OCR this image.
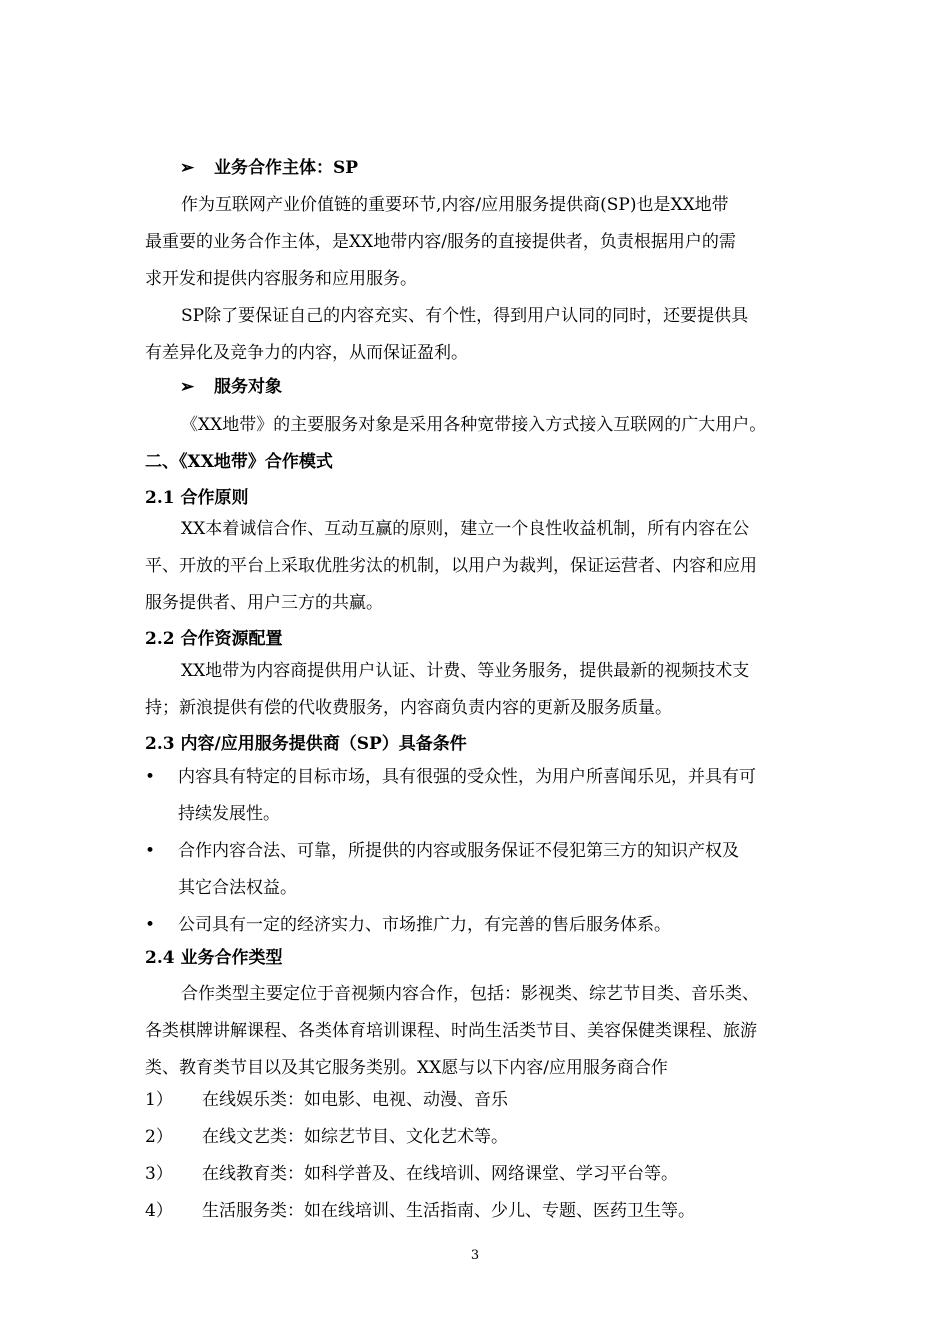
➢ 业务合作主体：SP
作为互联网产业价值链的重要环节,内容/应用服务提供商(SP)也是XX地带
最重要的业务合作主体，是XX地带内容/服务的直接提供者，负责根据用户的需
求开发和提供内容服务和应用服务。
SP除了要保证自己的内容充实、有个性，得到用户认同的同时，还要提供具
有差异化及竞争力的内容，从而保证盈利。
➢ 服务对象
《XX地带》的主要服务对象是采用各种宽带接入方式接入互联网的广大用户。
二、《XX地带》合作模式
2.1 合作原则
XX本着诚信合作、互动互赢的原则，建立一个良性收益机制，所有内容在公
平、开放的平台上采取优胜劣汰的机制，以用户为裁判，保证运营者、内容和应用
服务提供者、用户三方的共赢。
2.2 合作资源配置
XX地带为内容商提供用户认证、计费、等业务服务，提供最新的视频技术支
持；新浪提供有偿的代收费服务，内容商负责内容的更新及服务质量。
2.3 内容/应用服务提供商（SP）具备条件
• 内容具有特定的目标市场，具有很强的受众性，为用户所喜闻乐见，并具有可
持续发展性。
• 合作内容合法、可靠，所提供的内容或服务保证不侵犯第三方的知识产权及
其它合法权益。
• 公司具有一定的经济实力、市场推广力，有完善的售后服务体系。
2.4 业务合作类型
合作类型主要定位于音视频内容合作，包括：影视类、综艺节目类、音乐类、
各类棋牌讲解课程、各类体育培训课程、时尚生活类节目、美容保健类课程、旅游
类、教育类节目以及其它服务类别。XX愿与以下内容/应用服务商合作
1） 在线娱乐类：如电影、电视、动漫、音乐
2） 在线文艺类：如综艺节目、文化艺术等。
3） 在线教育类：如科学普及、在线培训、网络课堂、学习平台等。
4） 生活服务类：如在线培训、生活指南、少儿、专题、医药卫生等。
3
